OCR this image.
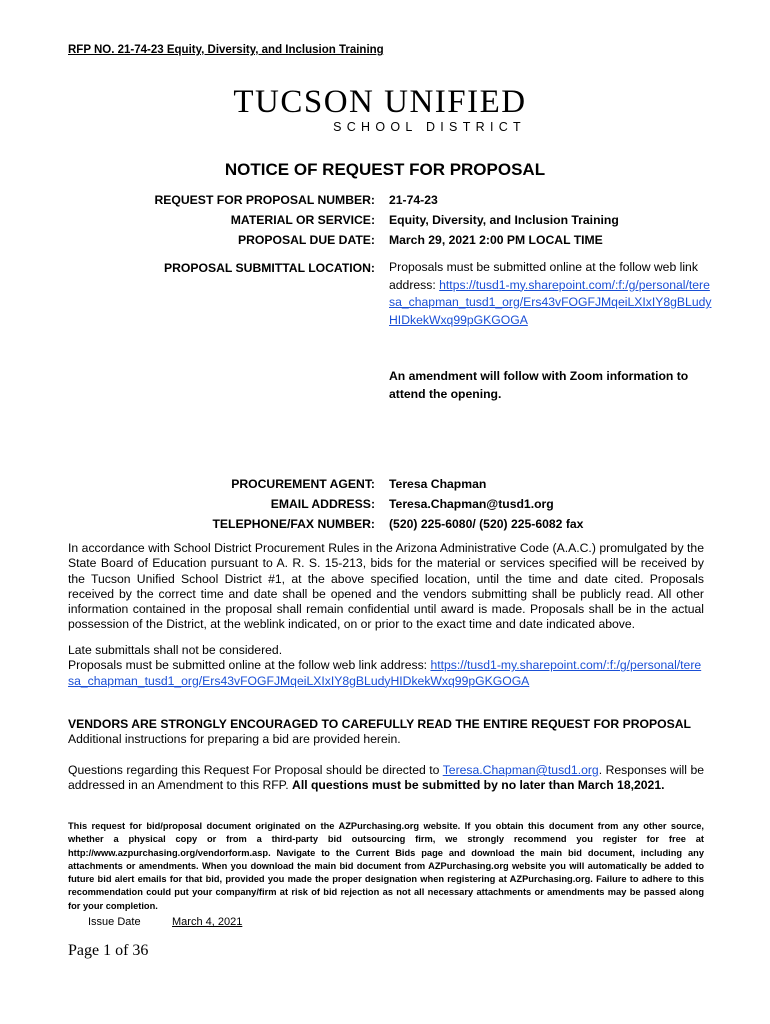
RFP NO. 21-74-23 Equity, Diversity, and Inclusion Training
TUCSON UNIFIED
SCHOOL DISTRICT
NOTICE OF REQUEST FOR PROPOSAL
REQUEST FOR PROPOSAL NUMBER: 21-74-23
MATERIAL OR SERVICE: Equity, Diversity, and Inclusion Training
PROPOSAL DUE DATE: March 29, 2021 2:00 PM LOCAL TIME
PROPOSAL SUBMITTAL LOCATION: Proposals must be submitted online at the follow web link address: https://tusd1-my.sharepoint.com/:f:/g/personal/teresa_chapman_tusd1_org/Ers43vFOGFJMqeiLXIxIY8gBLudyHIDkekWxq99pGKGOGA
An amendment will follow with Zoom information to attend the opening.
PROCUREMENT AGENT: Teresa Chapman
EMAIL ADDRESS: Teresa.Chapman@tusd1.org
TELEPHONE/FAX NUMBER: (520) 225-6080/ (520) 225-6082 fax
In accordance with School District Procurement Rules in the Arizona Administrative Code (A.A.C.) promulgated by the State Board of Education pursuant to A. R. S. 15-213, bids for the material or services specified will be received by the Tucson Unified School District #1, at the above specified location, until the time and date cited. Proposals received by the correct time and date shall be opened and the vendors submitting shall be publicly read. All other information contained in the proposal shall remain confidential until award is made. Proposals shall be in the actual possession of the District, at the weblink indicated, on or prior to the exact time and date indicated above.
Late submittals shall not be considered.
Proposals must be submitted online at the follow web link address: https://tusd1-my.sharepoint.com/:f:/g/personal/teresa_chapman_tusd1_org/Ers43vFOGFJMqeiLXIxIY8gBLudyHIDkekWxq99pGKGOGA
VENDORS ARE STRONGLY ENCOURAGED TO CAREFULLY READ THE ENTIRE REQUEST FOR PROPOSAL Additional instructions for preparing a bid are provided herein.
Questions regarding this Request For Proposal should be directed to Teresa.Chapman@tusd1.org. Responses will be addressed in an Amendment to this RFP. All questions must be submitted by no later than March 18,2021.
This request for bid/proposal document originated on the AZPurchasing.org website. If you obtain this document from any other source, whether a physical copy or from a third-party bid outsourcing firm, we strongly recommend you register for free at http://www.azpurchasing.org/vendorform.asp. Navigate to the Current Bids page and download the main bid document, including any attachments or amendments. When you download the main bid document from AZPurchasing.org website you will automatically be added to future bid alert emails for that bid, provided you made the proper designation when registering at AZPurchasing.org. Failure to adhere to this recommendation could put your company/firm at risk of bid rejection as not all necessary attachments or amendments may be passed along for your completion.
Issue Date	March 4, 2021
Page 1 of 36
